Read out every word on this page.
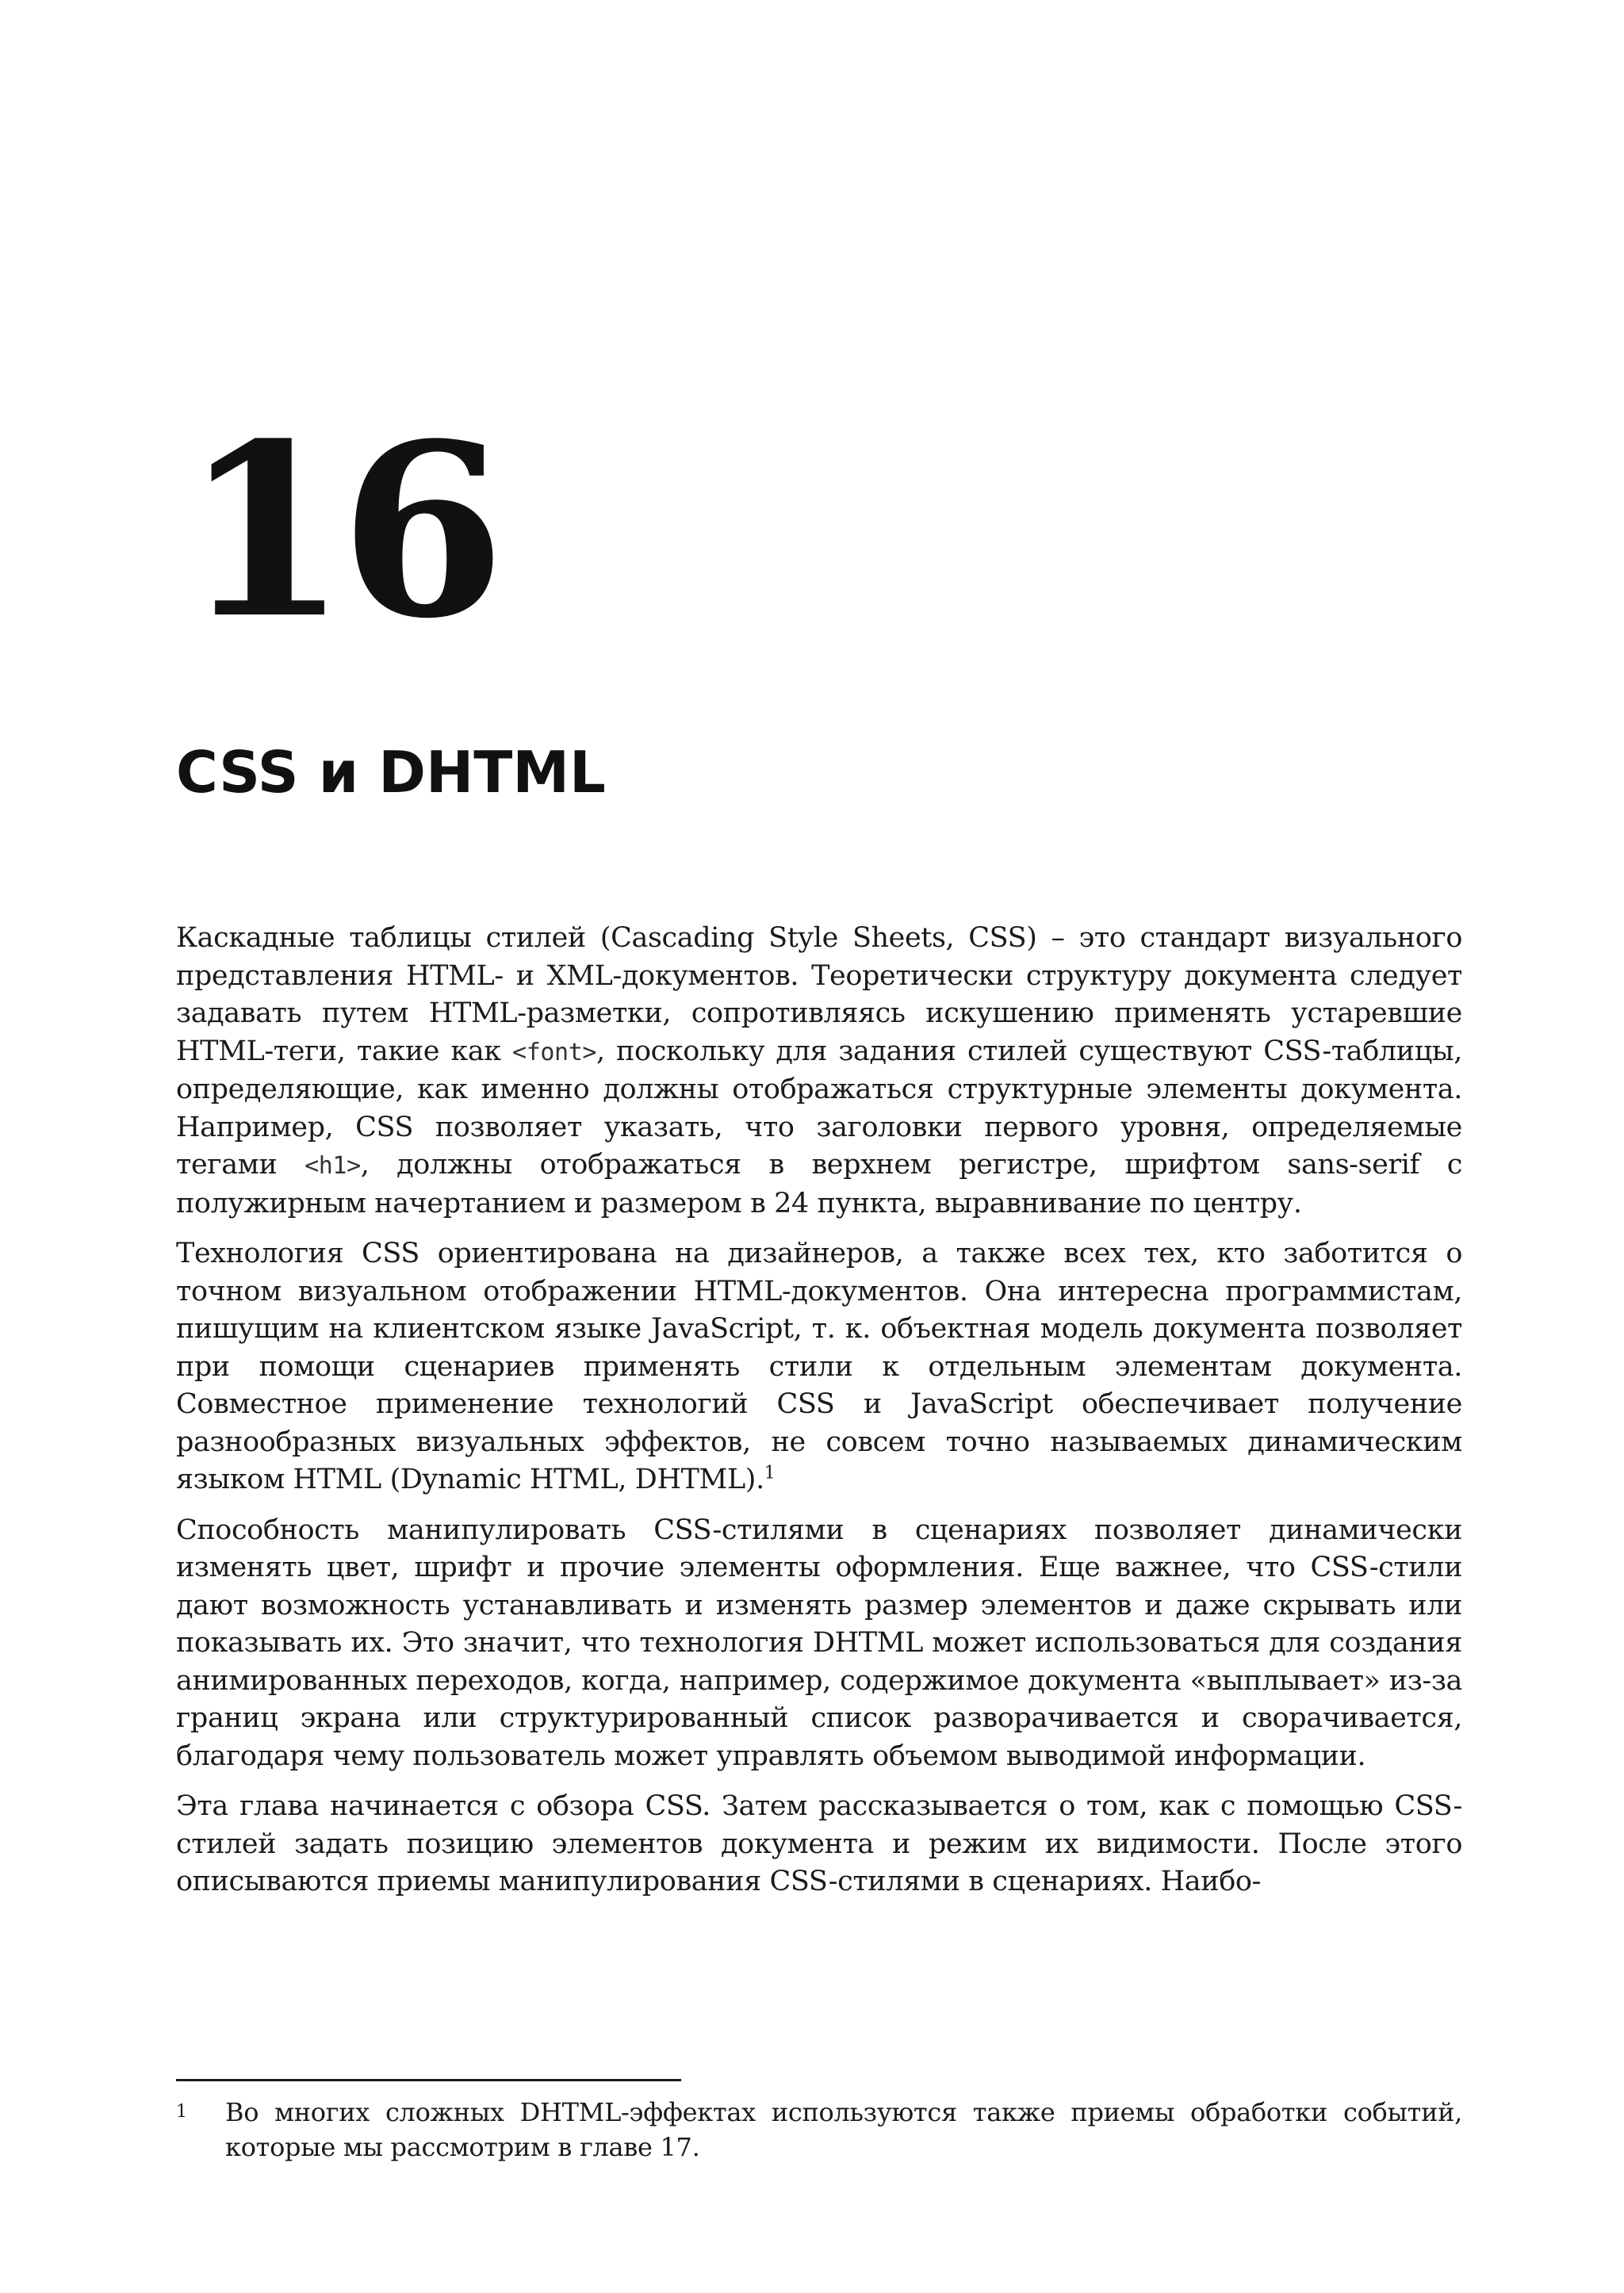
16
CSS и DHTML

Каскадные таблицы стилей (Cascading Style Sheets, CSS) – это стандарт визуального представления HTML- и XML-документов. Теоретически структуру документа следует задавать путем HTML-разметки, сопротивляясь искушению применять устаревшие HTML-теги, такие как <font>, поскольку для задания стилей существуют CSS-таблицы, определяющие, как именно должны отображаться структурные элементы документа. Например, CSS позволяет указать, что заголовки первого уровня, определяемые тегами <h1>, должны отображаться в верхнем регистре, шрифтом sans-serif с полужирным начертанием и размером в 24 пункта, выравнивание по центру.

Технология CSS ориентирована на дизайнеров, а также всех тех, кто заботится о точном визуальном отображении HTML-документов. Она интересна программистам, пишущим на клиентском языке JavaScript, т. к. объектная модель документа позволяет при помощи сценариев применять стили к отдельным элементам документа. Совместное применение технологий CSS и JavaScript обеспечивает получение разнообразных визуальных эффектов, не совсем точно называемых динамическим языком HTML (Dynamic HTML, DHTML).$^1$

Способность манипулировать CSS-стилями в сценариях позволяет динамически изменять цвет, шрифт и прочие элементы оформления. Еще важнее, что CSS-стили дают возможность устанавливать и изменять размер элементов и даже скрывать или показывать их. Это значит, что технология DHTML может использоваться для создания анимированных переходов, когда, например, содержимое документа «выплывает» из-за границ экрана или структурированный список разворачивается и сворачивается, благодаря чему пользователь может управлять объемом выводимой информации.

Эта глава начинается с обзора CSS. Затем рассказывается о том, как с помощью CSS-стилей задать позицию элементов документа и режим их видимости. После этого описываются приемы манипулирования CSS-стилями в сценариях. Наибо-

1 Во многих сложных DHTML-эффектах используются также приемы обработки событий, которые мы рассмотрим в главе 17.
